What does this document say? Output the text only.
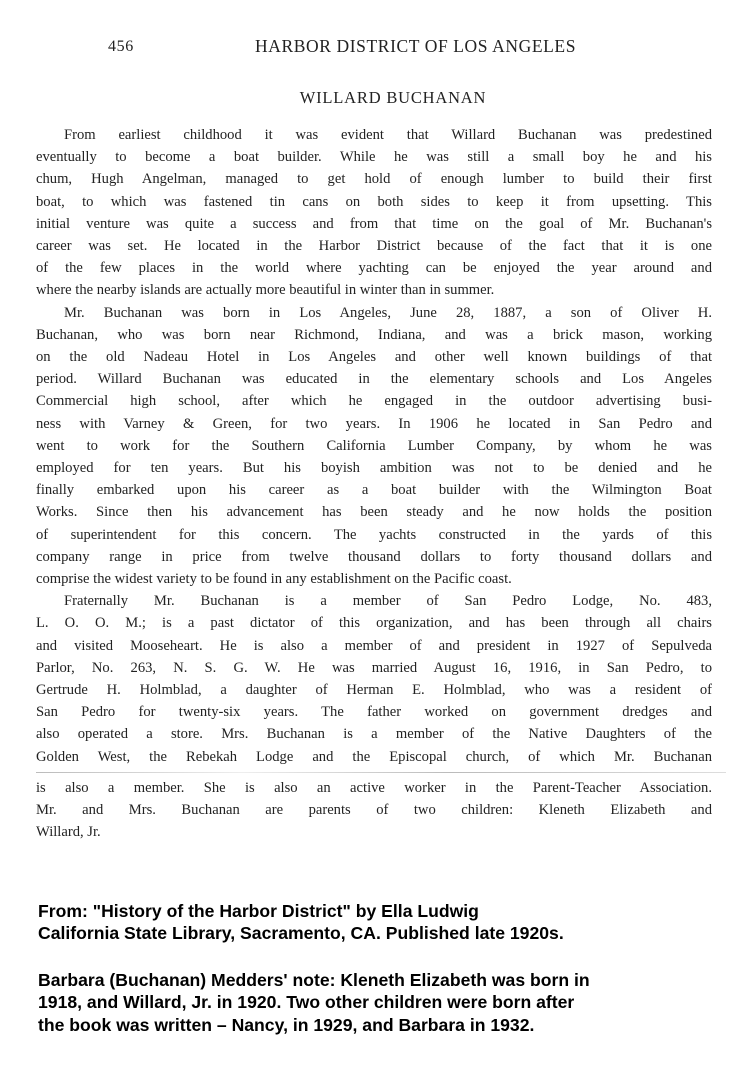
456	HARBOR DISTRICT OF LOS ANGELES
WILLARD BUCHANAN
From earliest childhood it was evident that Willard Buchanan was predestined
eventually to become a boat builder. While he was still a small boy he and his
chum, Hugh Angelman, managed to get hold of enough lumber to build their first
boat, to which was fastened tin cans on both sides to keep it from upsetting. This
initial venture was quite a success and from that time on the goal of Mr. Buchanan's
career was set. He located in the Harbor District because of the fact that it is one
of the few places in the world where yachting can be enjoyed the year around and
where the nearby islands are actually more beautiful in winter than in summer.
Mr. Buchanan was born in Los Angeles, June 28, 1887, a son of Oliver H.
Buchanan, who was born near Richmond, Indiana, and was a brick mason, working
on the old Nadeau Hotel in Los Angeles and other well known buildings of that
period. Willard Buchanan was educated in the elementary schools and Los Angeles
Commercial high school, after which he engaged in the outdoor advertising busi-
ness with Varney & Green, for two years. In 1906 he located in San Pedro and
went to work for the Southern California Lumber Company, by whom he was
employed for ten years. But his boyish ambition was not to be denied and he
finally embarked upon his career as a boat builder with the Wilmington Boat
Works. Since then his advancement has been steady and he now holds the position
of superintendent for this concern. The yachts constructed in the yards of this
company range in price from twelve thousand dollars to forty thousand dollars and
comprise the widest variety to be found in any establishment on the Pacific coast.
Fraternally Mr. Buchanan is a member of San Pedro Lodge, No. 483,
L. O. O. M.; is a past dictator of this organization, and has been through all chairs
and visited Mooseheart. He is also a member of and president in 1927 of Sepulveda
Parlor, No. 263, N. S. G. W. He was married August 16, 1916, in San Pedro, to
Gertrude H. Holmblad, a daughter of Herman E. Holmblad, who was a resident of
San Pedro for twenty-six years. The father worked on government dredges and
also operated a store. Mrs. Buchanan is a member of the Native Daughters of the
Golden West, the Rebekah Lodge and the Episcopal church, of which Mr. Buchanan
is also a member. She is also an active worker in the Parent-Teacher Association.
Mr. and Mrs. Buchanan are parents of two children: Kleneth Elizabeth and
Willard, Jr.
From: "History of the Harbor District" by Ella Ludwig
California State Library, Sacramento, CA. Published late 1920s.
Barbara (Buchanan) Medders' note: Kleneth Elizabeth was born in
1918, and Willard, Jr. in 1920. Two other children were born after
the book was written – Nancy, in 1929, and Barbara in 1932.
